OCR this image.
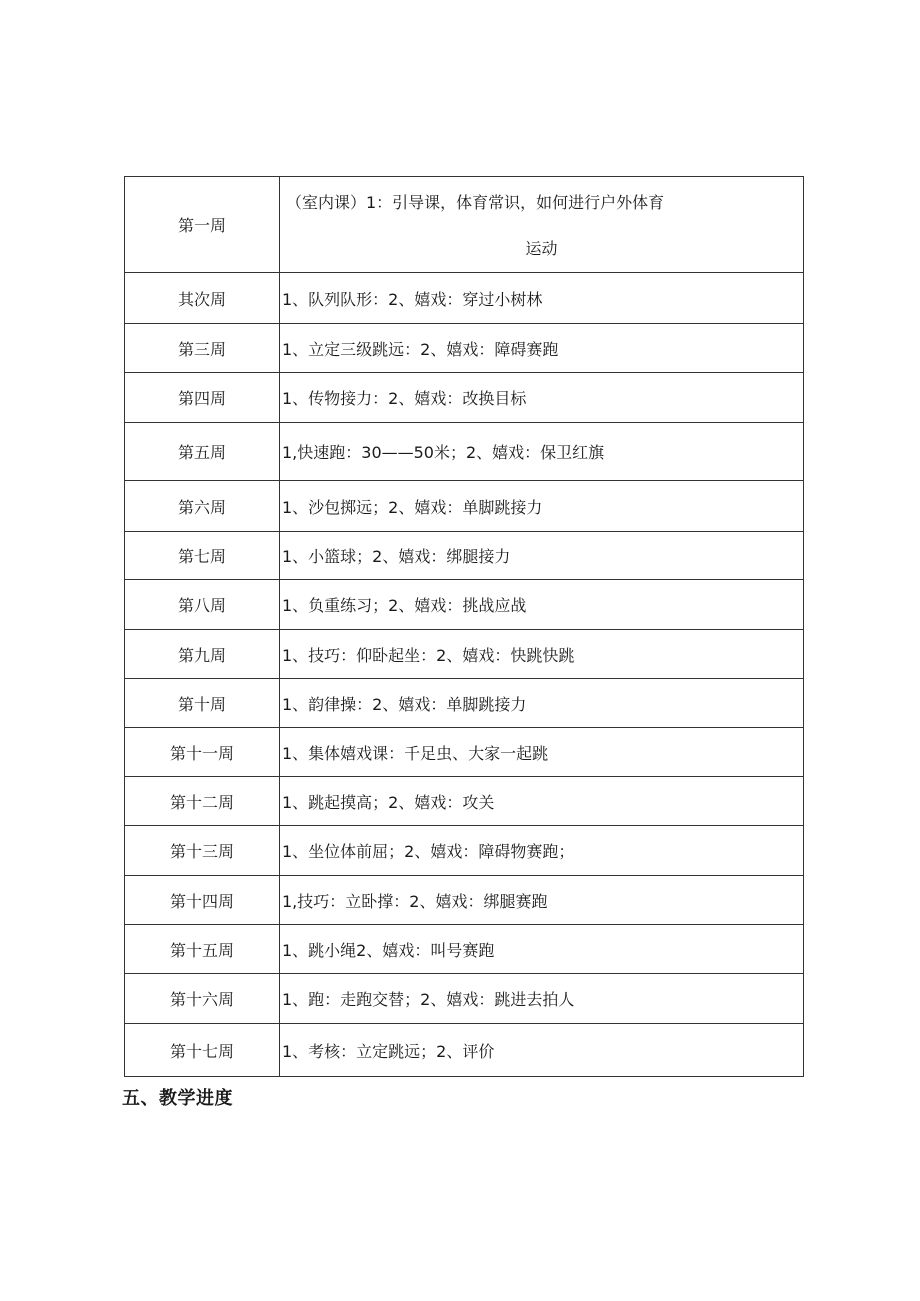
第一周	（室内课）1：引导课，体育常识，如何进行户外体育
运动

其次周	1、队列队形：2、嬉戏：穿过小树林
第三周	1、立定三级跳远：2、嬉戏：障碍赛跑
第四周	1、传物接力：2、嬉戏：改换目标
第五周	1,快速跑：30——50米；2、嬉戏：保卫红旗
第六周	1、沙包掷远；2、嬉戏：单脚跳接力
第七周	1、小篮球；2、嬉戏：绑腿接力
第八周	1、负重练习；2、嬉戏：挑战应战
第九周	1、技巧：仰卧起坐：2、嬉戏：快跳快跳
第十周	1、韵律操：2、嬉戏：单脚跳接力
第十一周	1、集体嬉戏课：千足虫、大家一起跳
第十二周	1、跳起摸高；2、嬉戏：攻关
第十三周	1、坐位体前屈；2、嬉戏：障碍物赛跑；
第十四周	1,技巧：立卧撑：2、嬉戏：绑腿赛跑
第十五周	1、跳小绳2、嬉戏：叫号赛跑
第十六周	1、跑：走跑交替；2、嬉戏：跳进去拍人
第十七周	1、考核：立定跳远；2、评价
五、教学进度
